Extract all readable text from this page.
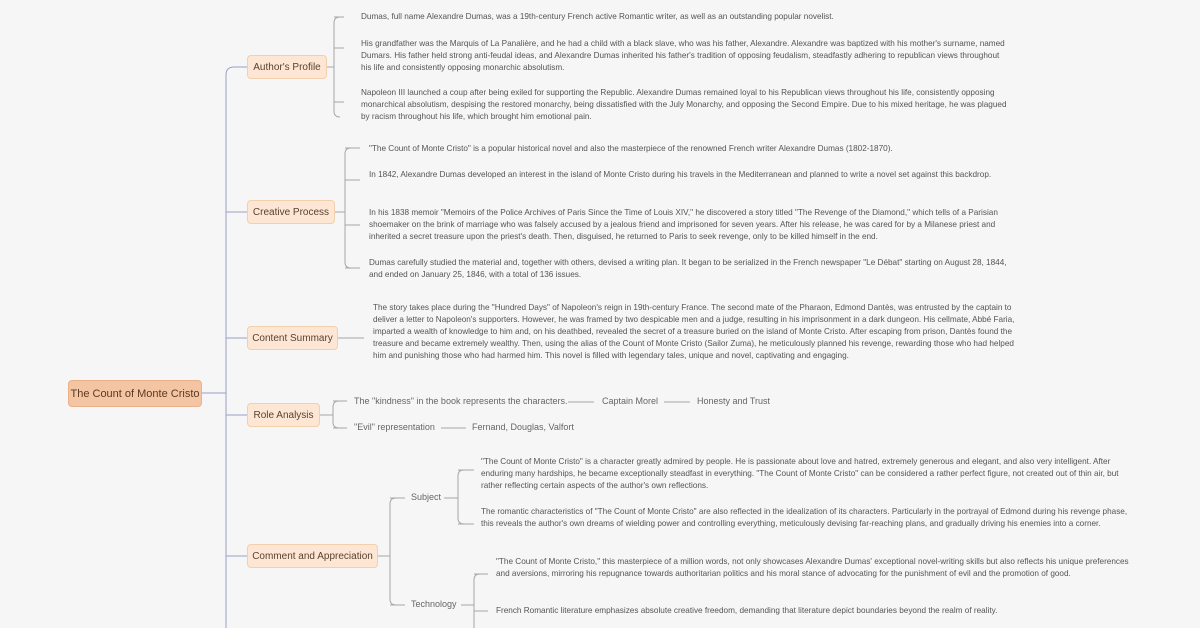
The Count of Monte Cristo
Author's Profile

Dumas, full name Alexandre Dumas, was a 19th-century French active Romantic writer, as well as an outstanding popular novelist.

His grandfather was the Marquis of La Panalière, and he had a child with a black slave, who was his father, Alexandre. Alexandre was baptized with his mother's surname, named Dumars. His father held strong anti-feudal ideas, and Alexandre Dumas inherited his father's tradition of opposing feudalism, steadfastly adhering to republican views throughout his life and consistently opposing monarchic absolutism.

Napoleon III launched a coup after being exiled for supporting the Republic. Alexandre Dumas remained loyal to his Republican views throughout his life, consistently opposing monarchical absolutism, despising the restored monarchy, being dissatisfied with the July Monarchy, and opposing the Second Empire. Due to his mixed heritage, he was plagued by racism throughout his life, which brought him emotional pain.

Creative Process

"The Count of Monte Cristo" is a popular historical novel and also the masterpiece of the renowned French writer Alexandre Dumas (1802-1870).

In 1842, Alexandre Dumas developed an interest in the island of Monte Cristo during his travels in the Mediterranean and planned to write a novel set against this backdrop.

In his 1838 memoir "Memoirs of the Police Archives of Paris Since the Time of Louis XIV," he discovered a story titled "The Revenge of the Diamond," which tells of a Parisian shoemaker on the brink of marriage who was falsely accused by a jealous friend and imprisoned for seven years. After his release, he was cared for by a Milanese priest and inherited a secret treasure upon the priest's death. Then, disguised, he returned to Paris to seek revenge, only to be killed himself in the end.

Dumas carefully studied the material and, together with others, devised a writing plan. It began to be serialized in the French newspaper "Le Débat" starting on August 28, 1844, and ended on January 25, 1846, with a total of 136 issues.

Content Summary

The story takes place during the "Hundred Days" of Napoleon's reign in 19th-century France. The second mate of the Pharaon, Edmond Dantès, was entrusted by the captain to deliver a letter to Napoleon's supporters. However, he was framed by two despicable men and a judge, resulting in his imprisonment in a dark dungeon. His cellmate, Abbé Faria, imparted a wealth of knowledge to him and, on his deathbed, revealed the secret of a treasure buried on the island of Monte Cristo. After escaping from prison, Dantès found the treasure and became extremely wealthy. Then, using the alias of the Count of Monte Cristo (Sailor Zuma), he meticulously planned his revenge, rewarding those who had helped him and punishing those who had harmed him. This novel is filled with legendary tales, unique and novel, captivating and engaging.

Role Analysis
The "kindness" in the book represents the characters.	Captain Morel	Honesty and Trust
"Evil" representation	Fernand, Douglas, Valfort
Comment and Appreciation
Subject

"The Count of Monte Cristo" is a character greatly admired by people. He is passionate about love and hatred, extremely generous and elegant, and also very intelligent. After enduring many hardships, he became exceptionally steadfast in everything. "The Count of Monte Cristo" can be considered a rather perfect figure, not created out of thin air, but rather reflecting certain aspects of the author's own reflections.

The romantic characteristics of "The Count of Monte Cristo" are also reflected in the idealization of its characters. Particularly in the portrayal of Edmond during his revenge phase, this reveals the author's own dreams of wielding power and controlling everything, meticulously devising far-reaching plans, and gradually driving his enemies into a corner.

Technology

"The Count of Monte Cristo," this masterpiece of a million words, not only showcases Alexandre Dumas' exceptional novel-writing skills but also reflects his unique preferences and aversions, mirroring his repugnance towards authoritarian politics and his moral stance of advocating for the punishment of evil and the promotion of good.

French Romantic literature emphasizes absolute creative freedom, demanding that literature depict boundaries beyond the realm of reality.
